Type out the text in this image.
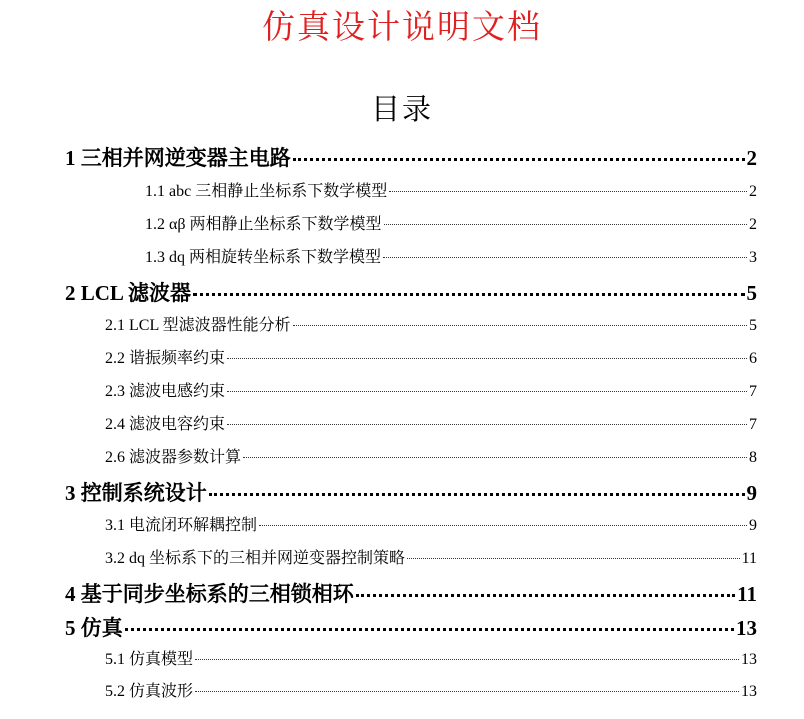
仿真设计说明文档
目录
1 三相并网逆变器主电路	2
1.1 abc 三相静止坐标系下数学模型	2
1.2 αβ 两相静止坐标系下数学模型	2
1.3 dq 两相旋转坐标系下数学模型	3
2 LCL 滤波器	5
2.1 LCL 型滤波器性能分析	5
2.2 谐振频率约束	6
2.3 滤波电感约束	7
2.4 滤波电容约束	7
2.6 滤波器参数计算	8
3 控制系统设计	9
3.1 电流闭环解耦控制	9
3.2 dq 坐标系下的三相并网逆变器控制策略	11
4 基于同步坐标系的三相锁相环	11
5 仿真	13
5.1 仿真模型	13
5.2 仿真波形	13
